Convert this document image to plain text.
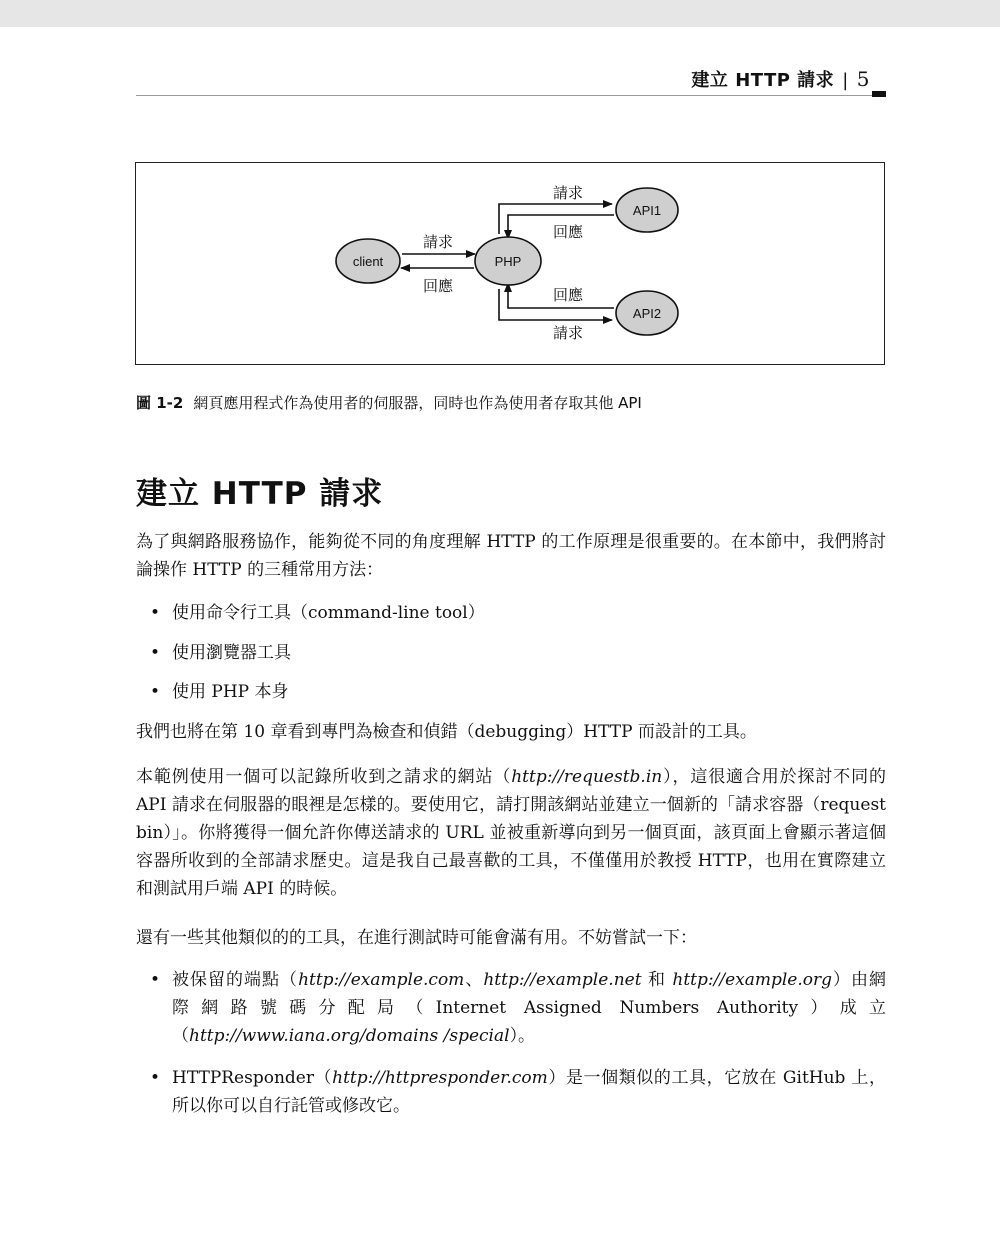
建立 HTTP 請求 | 5
client	PHP
API1
API2
請求
回應
請求
回應
回應
請求
圖 1-2 網頁應用程式作為使用者的伺服器，同時也作為使用者存取其他 API
建立 HTTP 請求

為了與網路服務協作，能夠從不同的角度理解 HTTP 的工作原理是很重要的。在本節中，我們將討論操作 HTTP 的三種常用方法：

• 使用命令行工具（command-line tool）

• 使用瀏覽器工具

• 使用 PHP 本身

我們也將在第 10 章看到專門為檢查和偵錯（debugging）HTTP 而設計的工具。

本範例使用一個可以記錄所收到之請求的網站（http://requestb.in），這很適合用於探討不同的 API 請求在伺服器的眼裡是怎樣的。要使用它，請打開該網站並建立一個新的「請求容器（request bin）」。你將獲得一個允許你傳送請求的 URL 並被重新導向到另一個頁面，該頁面上會顯示著這個容器所收到的全部請求歷史。這是我自己最喜歡的工具，不僅僅用於教授 HTTP，也用在實際建立和測試用戶端 API 的時候。

還有一些其他類似的的工具，在進行測試時可能會滿有用。不妨嘗試一下：

• 被保留的端點（http://example.com、http://example.net 和 http://example.org）由網際網路號碼分配局（Internet Assigned Numbers Authority）成立（http://www.iana.org/domains /special）。

• HTTPResponder（http://httpresponder.com）是一個類似的工具，它放在 GitHub 上，所以你可以自行託管或修改它。
